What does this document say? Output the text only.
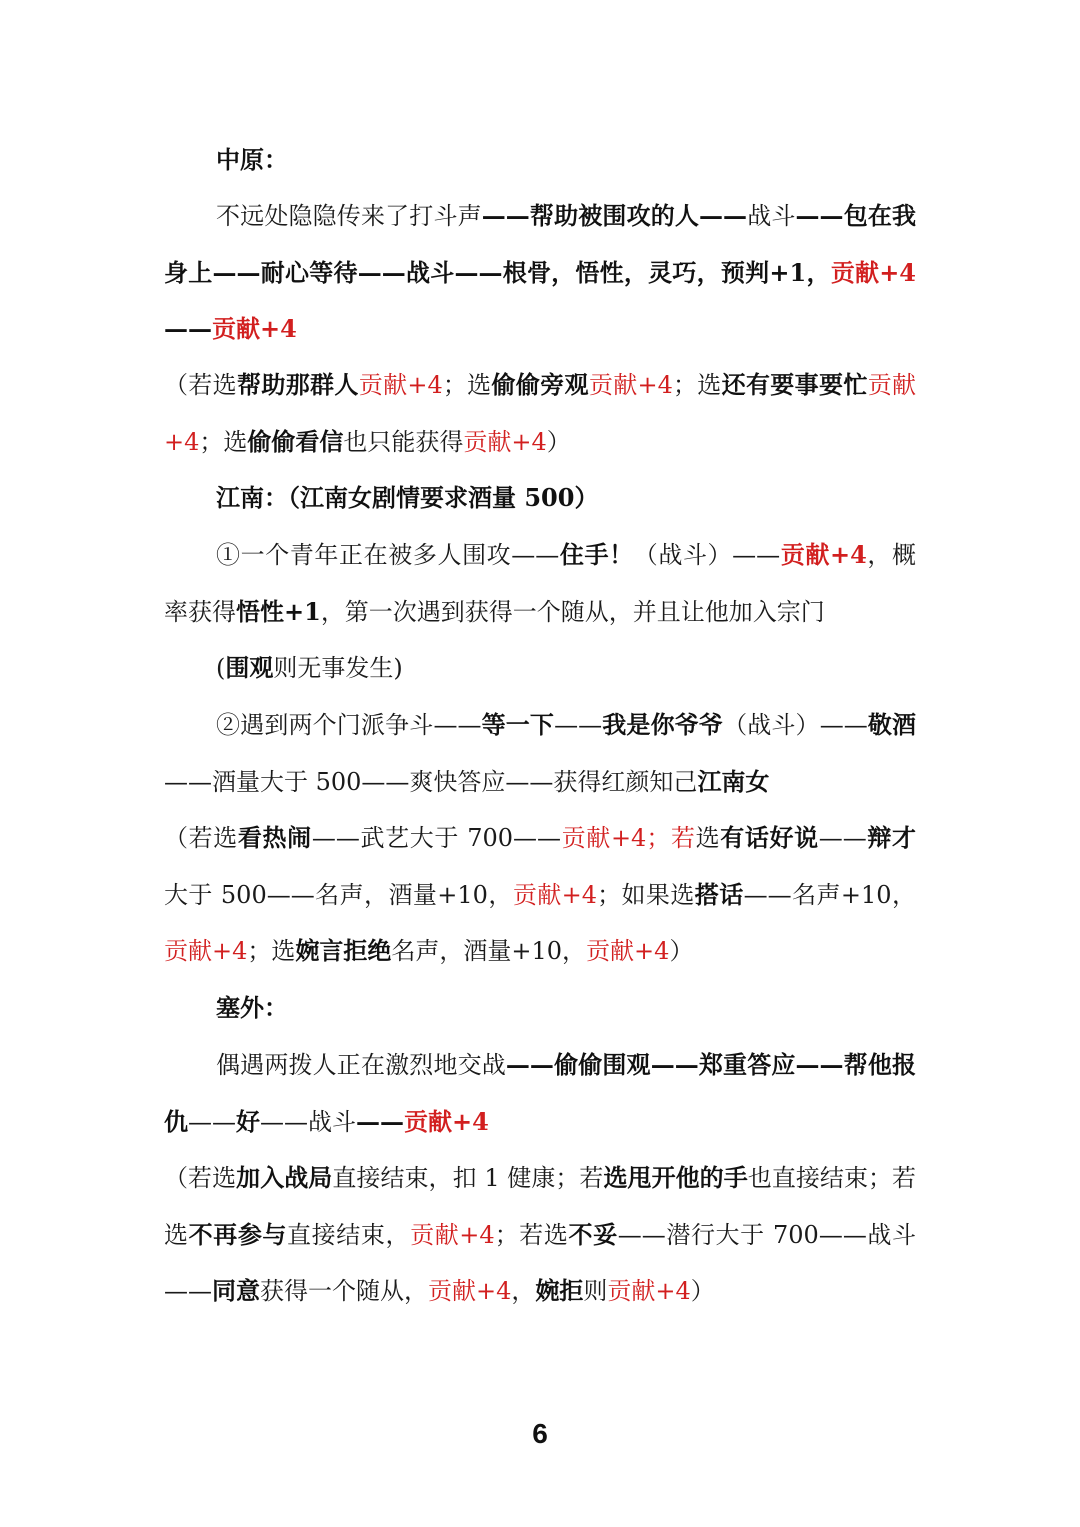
中原：

不远处隐隐传来了打斗声——帮助被围攻的人——战斗——包在我身上——耐心等待——战斗——根骨，悟性，灵巧，预判+1，贡献+4——贡献+4

（若选帮助那群人贡献+4；选偷偷旁观贡献+4；选还有要事要忙贡献+4；选偷偷看信也只能获得贡献+4）

江南：（江南女剧情要求酒量 500）

①一个青年正在被多人围攻——住手！（战斗）——贡献+4，概率获得悟性+1，第一次遇到获得一个随从，并且让他加入宗门

(围观则无事发生)

②遇到两个门派争斗——等一下——我是你爷爷（战斗）——敬酒——酒量大于 500——爽快答应——获得红颜知己江南女

（若选看热闹——武艺大于 700——贡献+4；若选有话好说——辩才大于 500——名声，酒量+10，贡献+4；如果选搭话——名声+10，贡献+4；选婉言拒绝名声，酒量+10，贡献+4）

塞外：

偶遇两拨人正在激烈地交战——偷偷围观——郑重答应——帮他报仇——好——战斗——贡献+4

（若选加入战局直接结束，扣 1 健康；若选甩开他的手也直接结束；若选不再参与直接结束，贡献+4；若选不妥——潜行大于 700——战斗——同意获得一个随从，贡献+4，婉拒则贡献+4）

6
